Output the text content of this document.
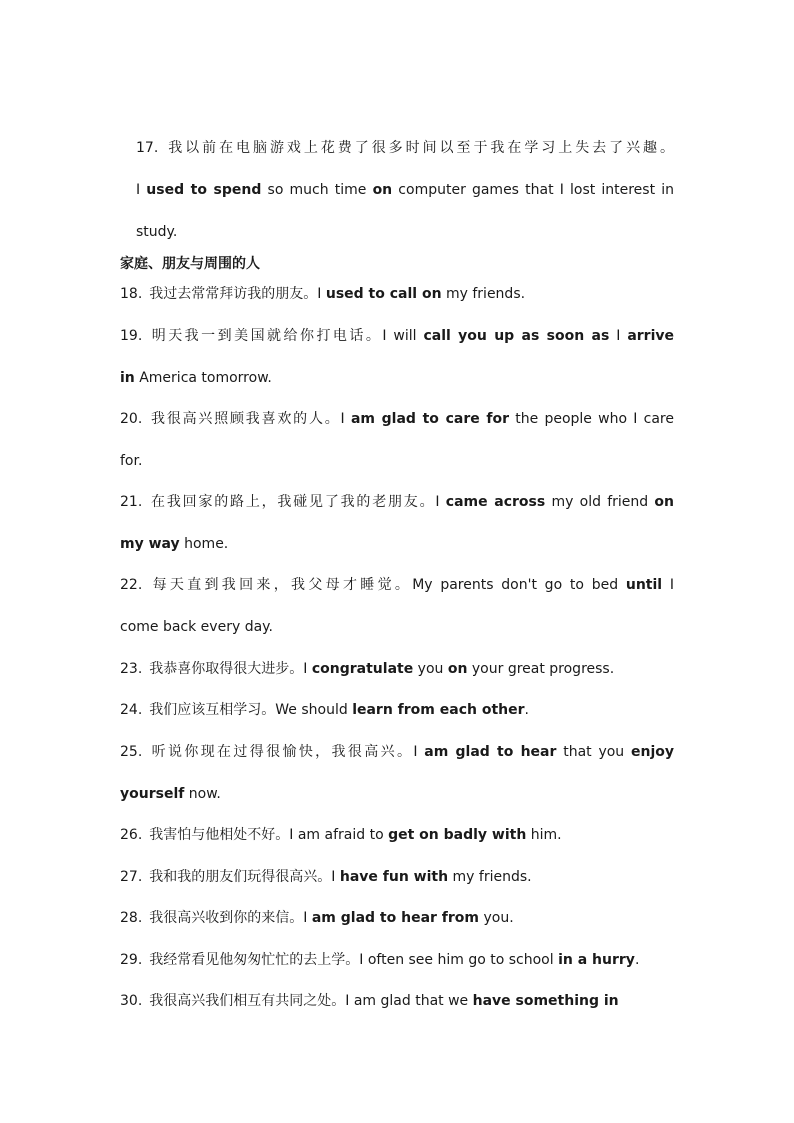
家庭、朋友与周围的人
17. 我以前在电脑游戏上花费了很多时间以至于我在学习上失去了兴趣。
I used to spend so much time on computer games that I lost interest in
study.
18. 我过去常常拜访我的朋友。I used to call on my friends.
19. 明天我一到美国就给你打电话。I will call you up as soon as I arrive
in America tomorrow.
20. 我很高兴照顾我喜欢的人。I am glad to care for the people who I care
for.
21. 在我回家的路上，我碰见了我的老朋友。I came across my old friend on
my way home.
22. 每天直到我回来，我父母才睡觉。My parents don't go to bed until I
come back every day.
23. 我恭喜你取得很大进步。I congratulate you on your great progress.
24. 我们应该互相学习。We should learn from each other.
25. 听说你现在过得很愉快，我很高兴。I am glad to hear that you enjoy
yourself now.
26. 我害怕与他相处不好。I am afraid to get on badly with him.
27. 我和我的朋友们玩得很高兴。I have fun with my friends.
28. 我很高兴收到你的来信。I am glad to hear from you.
29. 我经常看见他匆匆忙忙的去上学。I often see him go to school in a hurry.
30. 我很高兴我们相互有共同之处。I am glad that we have something in
